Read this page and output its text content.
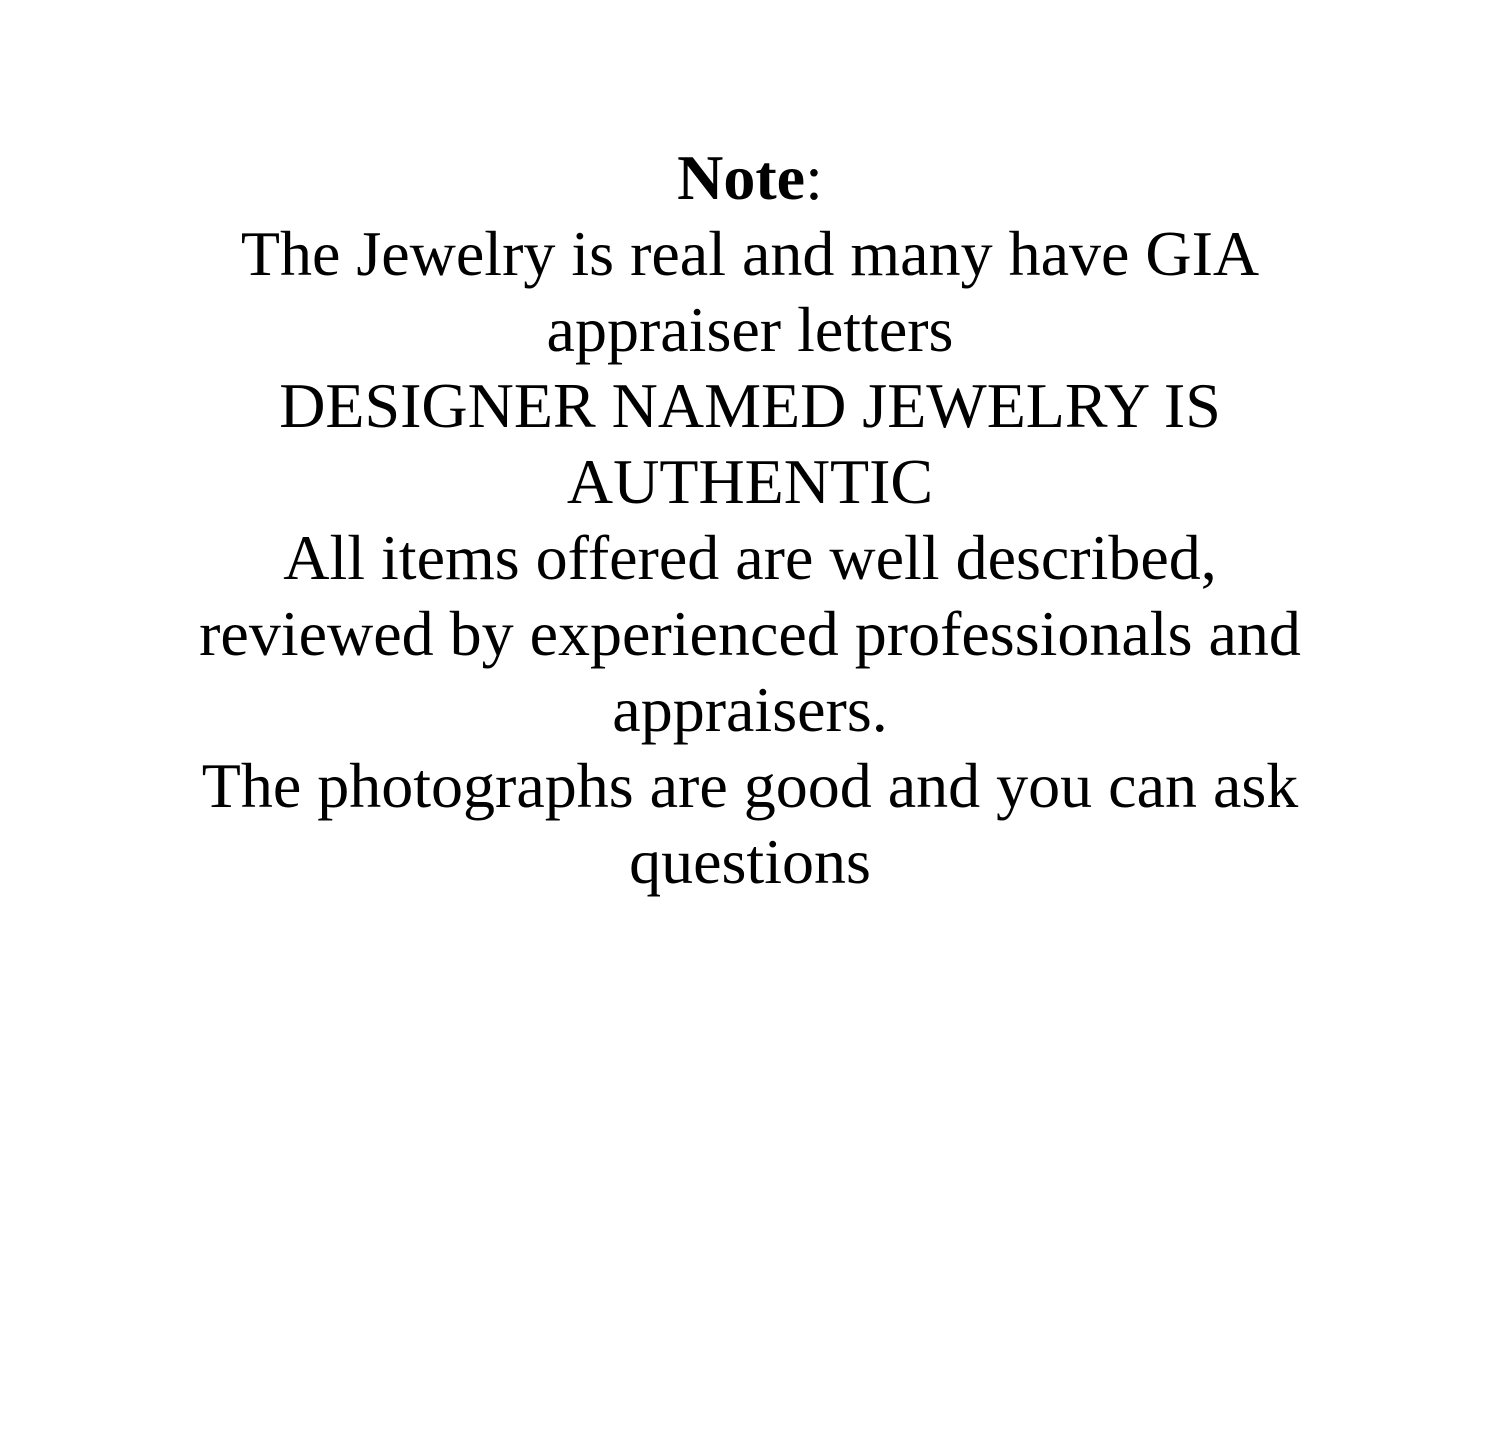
Note:

The Jewelry is real and many have GIA appraiser letters

DESIGNER NAMED JEWELRY IS AUTHENTIC

All items offered are well described, reviewed by experienced professionals and appraisers.

The photographs are good and you can ask questions
